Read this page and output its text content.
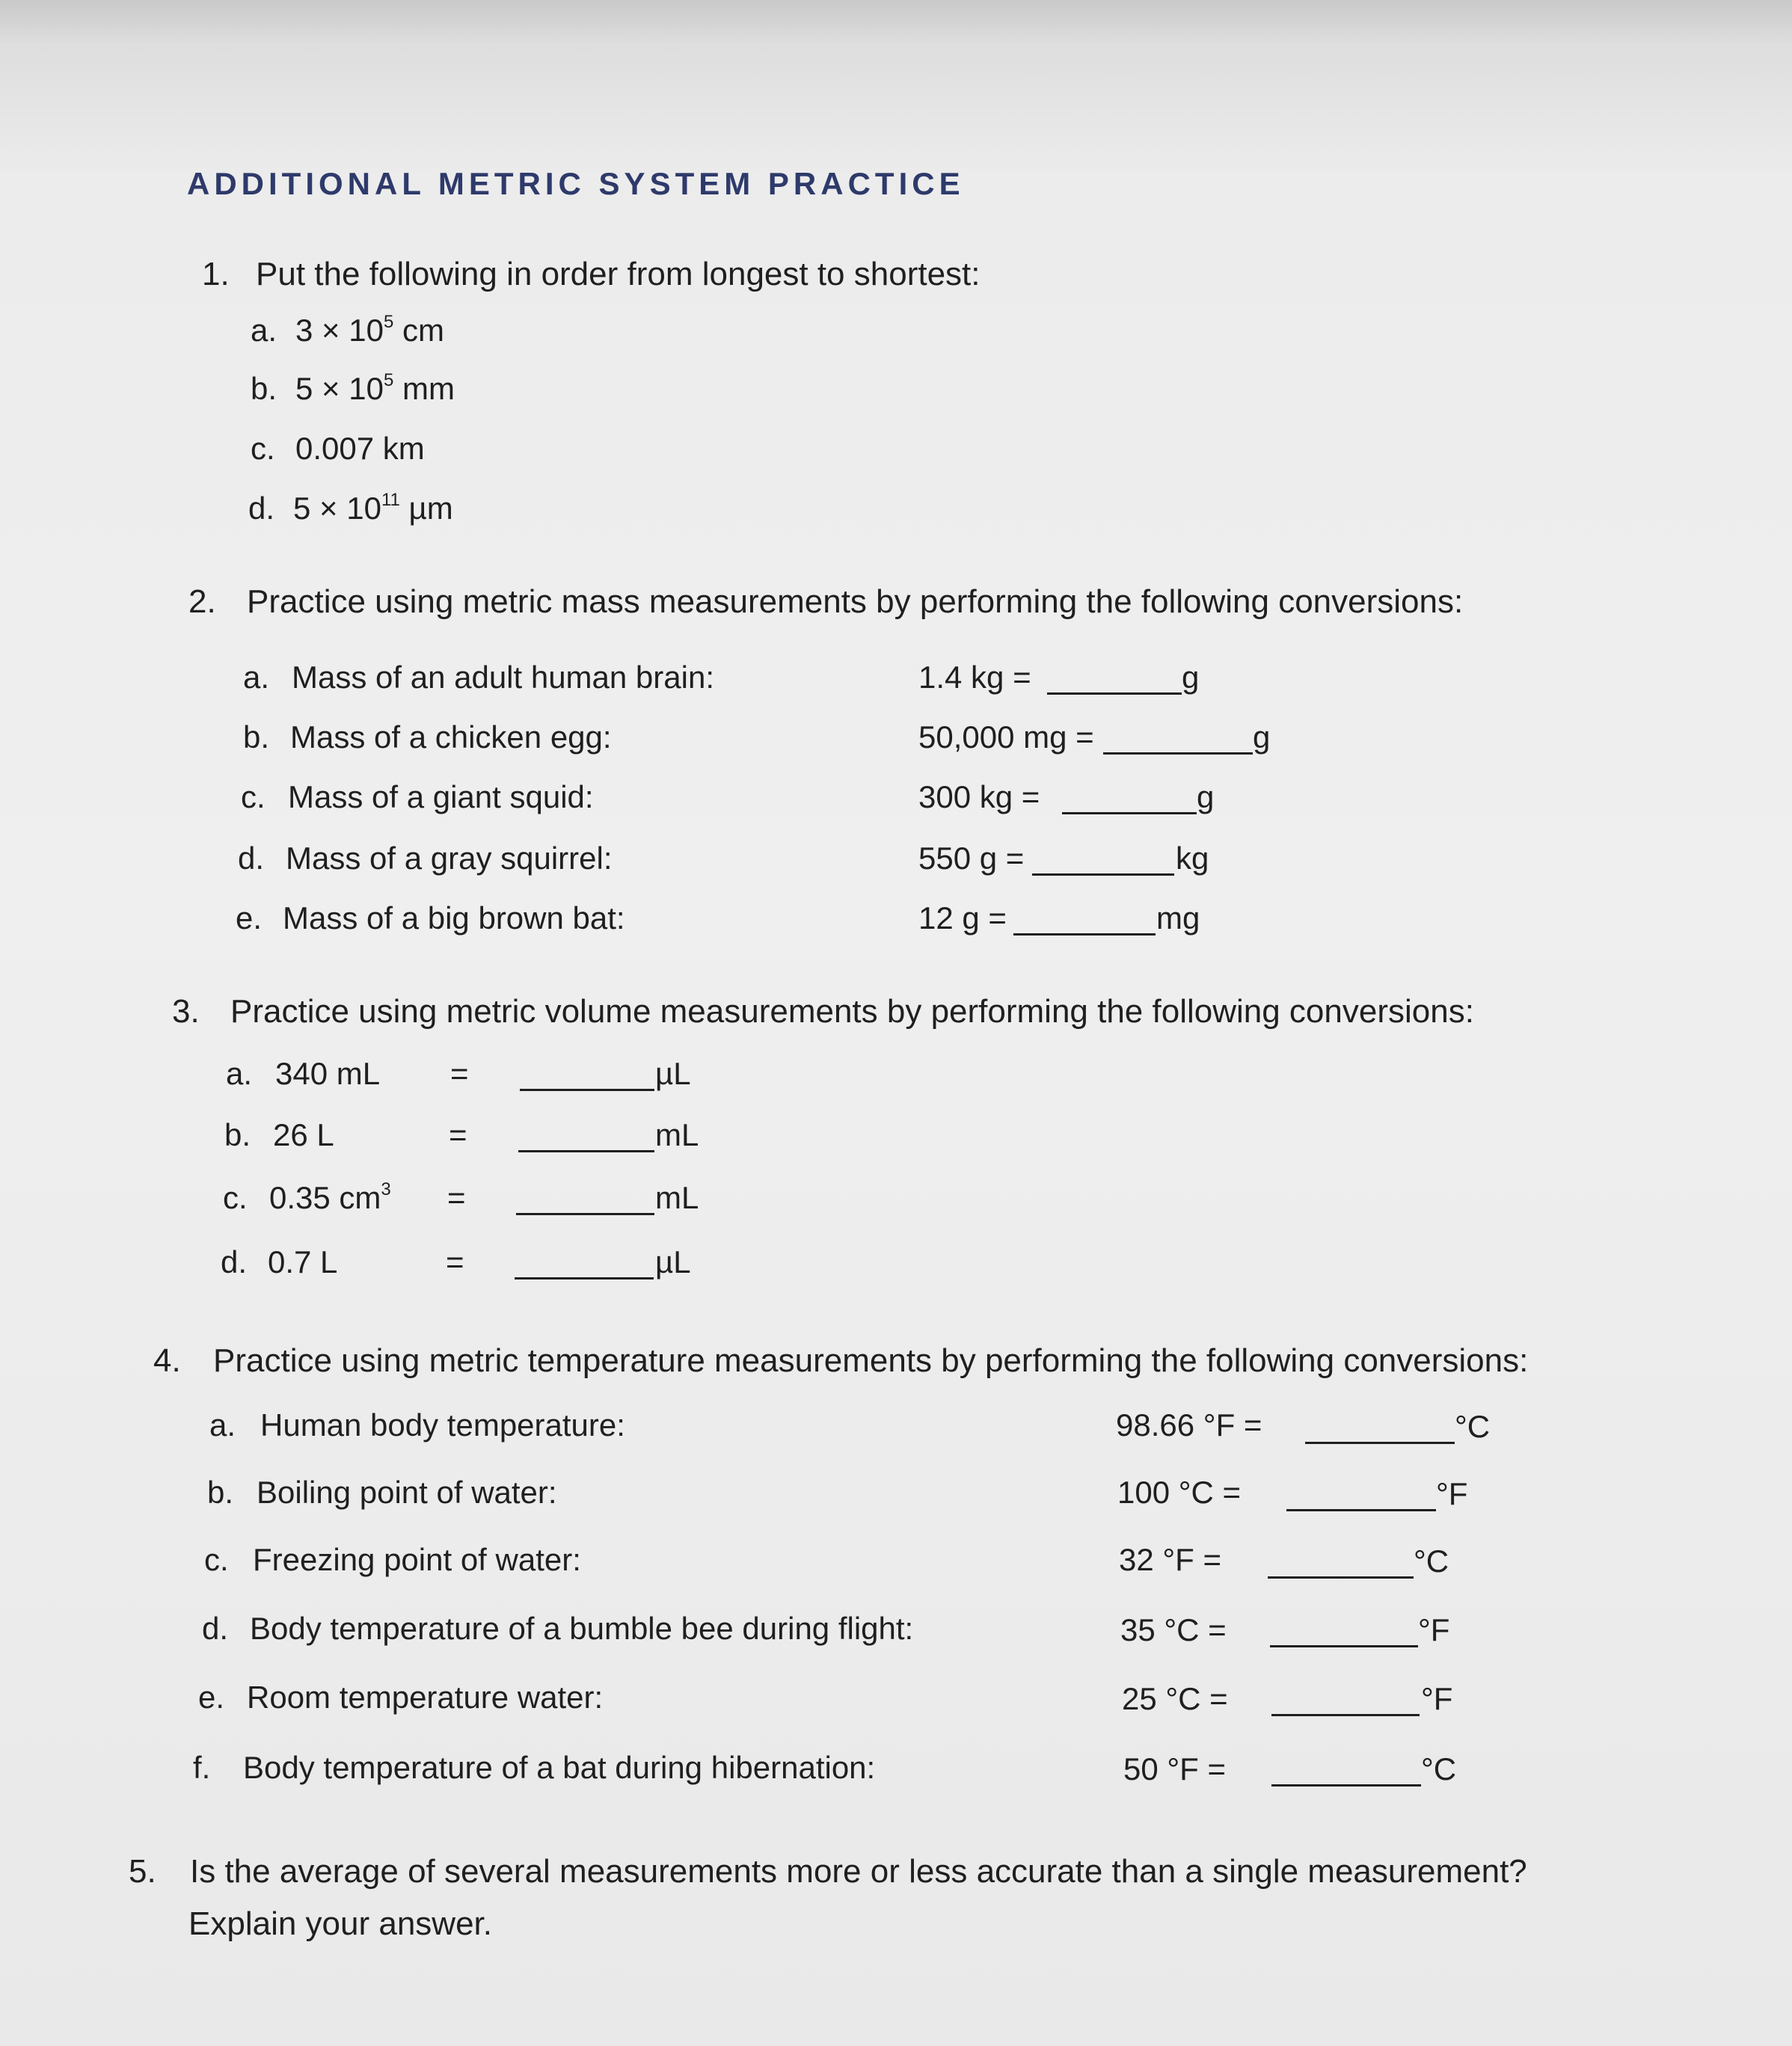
ADDITIONAL METRIC SYSTEM PRACTICE
1. Put the following in order from longest to shortest:
a. $3 \times 10^5$ cm
b. $5 \times 10^5$ mm
c. 0.007 km
d. $5 \times 10^{11}$ µm
2. Practice using metric mass measurements by performing the following conversions:
a. Mass of an adult human brain:	1.4 kg =	g
b. Mass of a chicken egg:	50,000 mg =	g
c. Mass of a giant squid:	300 kg =	g
d. Mass of a gray squirrel:	550 g =	kg
e. Mass of a big brown bat:	12 g =	mg
3. Practice using metric volume measurements by performing the following conversions:
a. 340 mL =	µL
b. 26 L	=	mL
c. 0.35 $cm^3$ =	mL
d. 0.7 L	=	µL
4. Practice using metric temperature measurements by performing the following conversions:
a. Human body temperature:	98.66 °F =	°C
b. Boiling point of water:	100 °C =	°F
c. Freezing point of water:	32 °F =	°C
d. Body temperature of a bumble bee during flight:	35 °C =	°F
e. Room temperature water:	25 °C =	°F
f. Body temperature of a bat during hibernation:	50 °F =	°C
5. Is the average of several measurements more or less accurate than a single measurement?
Explain your answer.
